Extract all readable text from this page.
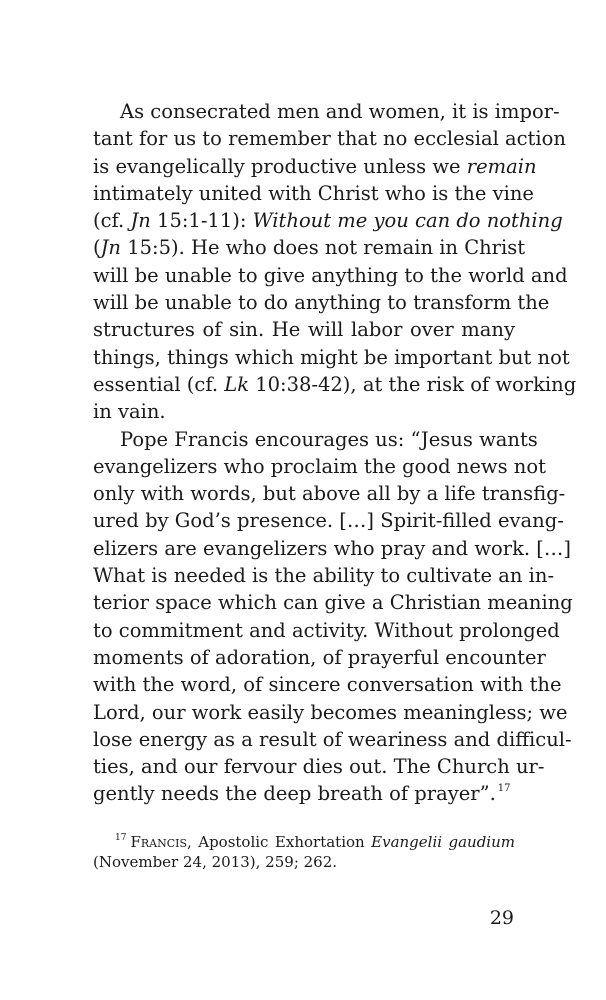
As consecrated men and women, it is impor-
tant for us to remember that no ecclesial action
is evangelically productive unless we remain
intimately united with Christ who is the vine
(cf. Jn 15:1-11): Without me you can do nothing
(Jn 15:5). He who does not remain in Christ
will be unable to give anything to the world and
will be unable to do anything to transform the
structures of sin. He will labor over many
things, things which might be important but not
essential (cf. Lk 10:38-42), at the risk of working
in vain.
Pope Francis encourages us: “Jesus wants
evangelizers who proclaim the good news not
only with words, but above all by a life transfig-
ured by God’s presence. […] Spirit-filled evang-
elizers are evangelizers who pray and work. […]
What is needed is the ability to cultivate an in-
terior space which can give a Christian meaning
to commitment and activity. Without prolonged
moments of adoration, of prayerful encounter
with the word, of sincere conversation with the
Lord, our work easily becomes meaningless; we
lose energy as a result of weariness and difficul-
ties, and our fervour dies out. The Church ur-
gently needs the deep breath of prayer”. $^{17}$
$^{17}$ Francis, Apostolic Exhortation Evangelii gaudium
(November 24, 2013), 259; 262.
29
